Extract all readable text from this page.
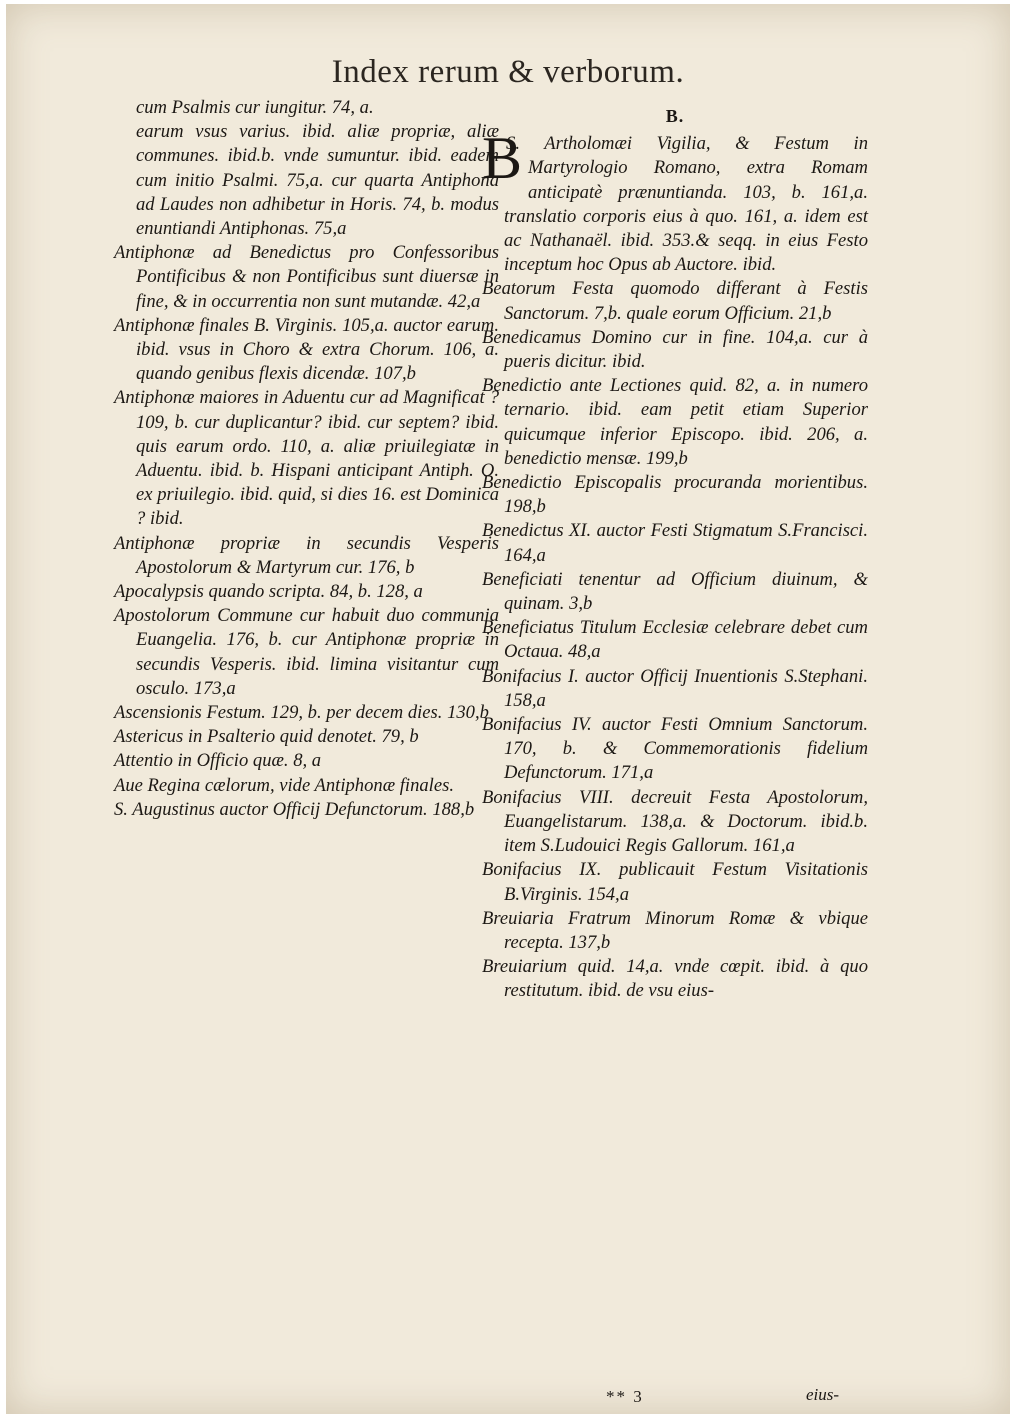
Index rerum & verborum.

cum Psalmis cur iungitur. 74, a.

earum vsus varius. ibid. aliæ propriæ, aliæ communes. ibid.b. vnde sumuntur. ibid. eadem cum initio Psalmi. 75,a. cur quarta Antiphona ad Laudes non adhibetur in Horis. 74, b. modus enuntiandi Antiphonas. 75,a

Antiphonæ ad Benedictus pro Confessoribus Pontificibus & non Pontificibus sunt diuersæ in fine, & in occurrentia non sunt mutandæ. 42,a

Antiphonæ finales B. Virginis. 105,a. auctor earum. ibid. vsus in Choro & extra Chorum. 106, a. quando genibus flexis dicendæ. 107,b

Antiphonæ maiores in Aduentu cur ad Magnificat ? 109, b. cur duplicantur? ibid. cur septem? ibid. quis earum ordo. 110, a. aliæ priuilegiatæ in Aduentu. ibid. b. Hispani anticipant Antiph. O. ex priuilegio. ibid. quid, si dies 16. est Dominica ? ibid.

Antiphonæ propriæ in secundis Vesperis Apostolorum & Martyrum cur. 176, b

Apocalypsis quando scripta. 84, b. 128, a

Apostolorum Commune cur habuit duo communia Euangelia. 176, b. cur Antiphonæ propriæ in secundis Vesperis. ibid. limina visitantur cum osculo. 173,a

Ascensionis Festum. 129, b. per decem dies. 130,b

Astericus in Psalterio quid denotet. 79, b

Attentio in Officio quæ. 8, a

Aue Regina cælorum, vide Antiphonæ finales.

S. Augustinus auctor Officij Defunctorum. 188,b

B.

B
S. Artholomæi Vigilia, & Festum in Martyrologio Romano, extra Romam anticipatè prænuntianda. 103, b. 161,a. translatio corporis eius à quo. 161, a. idem est ac Nathanaël. ibid. 353.& seqq. in eius Festo inceptum hoc Opus ab Auctore. ibid.

Beatorum Festa quomodo differant à Festis Sanctorum. 7,b. quale eorum Officium. 21,b

Benedicamus Domino cur in fine. 104,a. cur à pueris dicitur. ibid.

Benedictio ante Lectiones quid. 82, a. in numero ternario. ibid. eam petit etiam Superior quicumque inferior Episcopo. ibid. 206, a. benedictio mensæ. 199,b

Benedictio Episcopalis procuranda morientibus. 198,b

Benedictus XI. auctor Festi Stigmatum S.Francisci. 164,a

Beneficiati tenentur ad Officium diuinum, & quinam. 3,b

Beneficiatus Titulum Ecclesiæ celebrare debet cum Octaua. 48,a

Bonifacius I. auctor Officij Inuentionis S.Stephani. 158,a

Bonifacius IV. auctor Festi Omnium Sanctorum. 170, b. & Commemorationis fidelium Defunctorum. 171,a

Bonifacius VIII. decreuit Festa Apostolorum, Euangelistarum. 138,a. & Doctorum. ibid.b. item S.Ludouici Regis Gallorum. 161,a

Bonifacius IX. publicauit Festum Visitationis B.Virginis. 154,a

Breuiaria Fratrum Minorum Romæ & vbique recepta. 137,b

Breuiarium quid. 14,a. vnde cœpit. ibid. à quo restitutum. ibid. de vsu eius-

** 3	eius-
